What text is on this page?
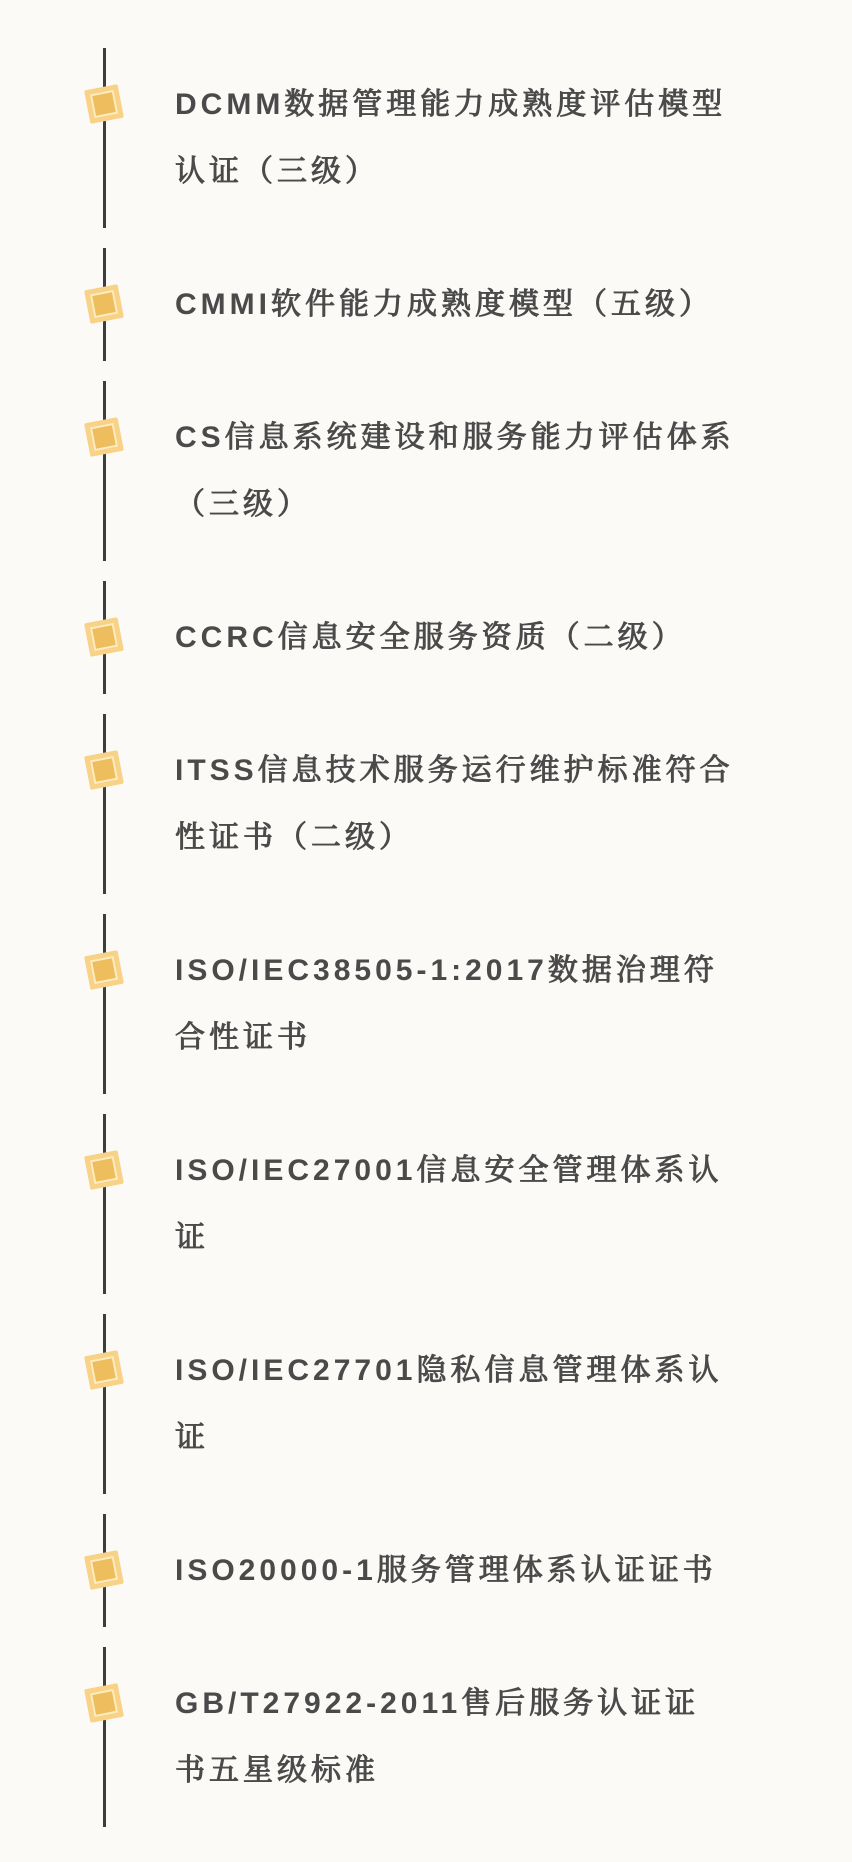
DCMM数据管理能力成熟度评估模型
认证（三级）
CMMI软件能力成熟度模型（五级）
CS信息系统建设和服务能力评估体系
（三级）
CCRC信息安全服务资质（二级）
ITSS信息技术服务运行维护标准符合
性证书（二级）
ISO/IEC38505-1:2017数据治理符
合性证书
ISO/IEC27001信息安全管理体系认
证
ISO/IEC27701隐私信息管理体系认
证
ISO20000-1服务管理体系认证证书
GB/T27922-2011售后服务认证证
书五星级标准
